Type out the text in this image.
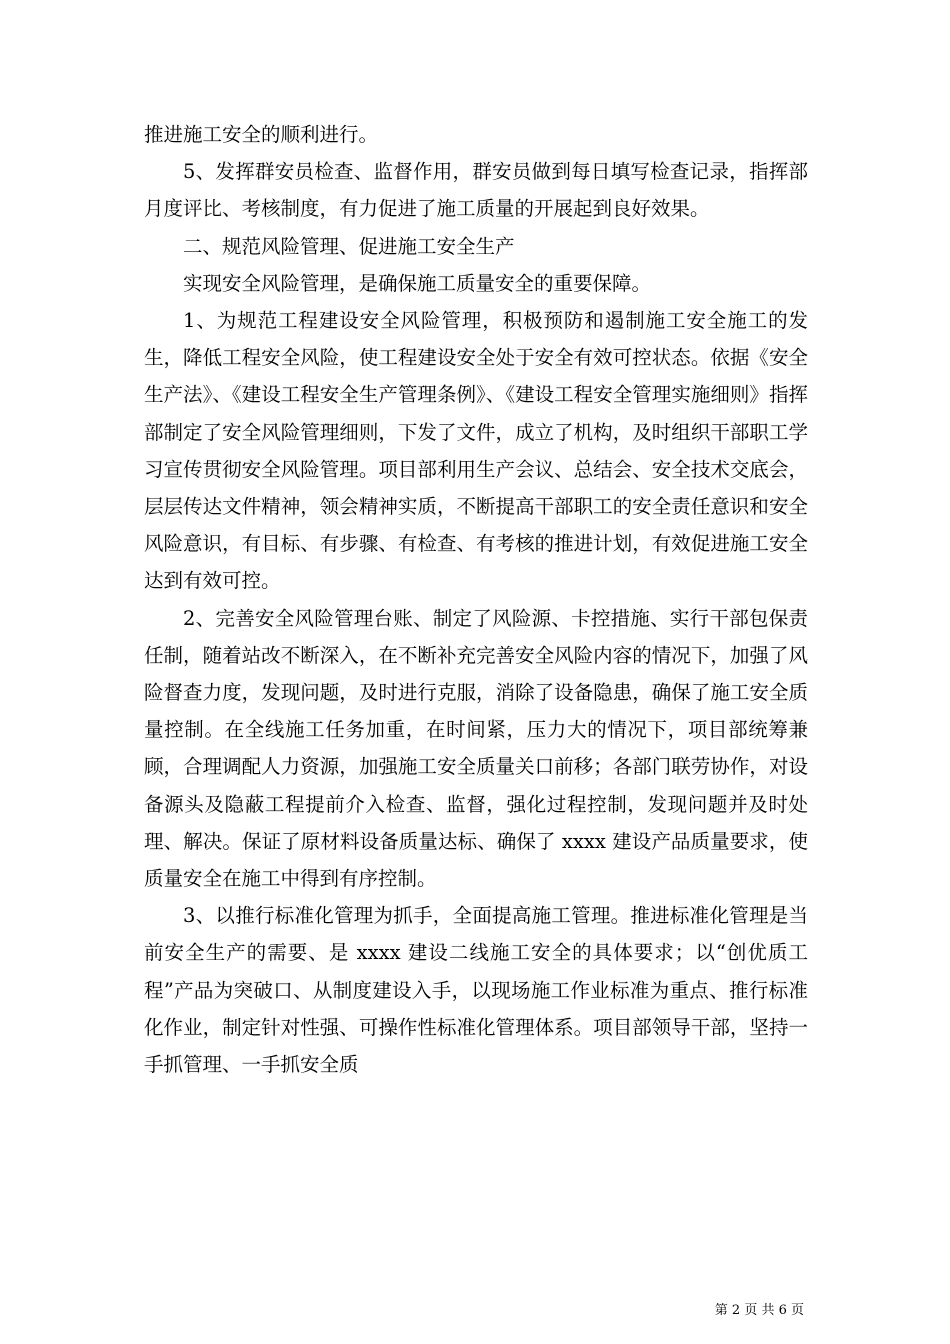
推进施工安全的顺利进行。

5、发挥群安员检查、监督作用，群安员做到每日填写检查记录，指挥部月度评比、考核制度，有力促进了施工质量的开展起到良好效果。

二、规范风险管理、促进施工安全生产

实现安全风险管理，是确保施工质量安全的重要保障。

1、为规范工程建设安全风险管理，积极预防和遏制施工安全施工的发生，降低工程安全风险，使工程建设安全处于安全有效可控状态。依据《安全生产法》、《建设工程安全生产管理条例》、《建设工程安全管理实施细则》指挥部制定了安全风险管理细则，下发了文件，成立了机构，及时组织干部职工学习宣传贯彻安全风险管理。项目部利用生产会议、总结会、安全技术交底会，层层传达文件精神，领会精神实质，不断提高干部职工的安全责任意识和安全风险意识，有目标、有步骤、有检查、有考核的推进计划，有效促进施工安全达到有效可控。

2、完善安全风险管理台账、制定了风险源、卡控措施、实行干部包保责任制，随着站改不断深入，在不断补充完善安全风险内容的情况下，加强了风险督查力度，发现问题，及时进行克服，消除了设备隐患，确保了施工安全质量控制。在全线施工任务加重，在时间紧，压力大的情况下，项目部统筹兼顾，合理调配人力资源，加强施工安全质量关口前移；各部门联劳协作，对设备源头及隐蔽工程提前介入检查、监督，强化过程控制，发现问题并及时处理、解决。保证了原材料设备质量达标、确保了 xxxx 建设产品质量要求，使质量安全在施工中得到有序控制。

3、以推行标准化管理为抓手，全面提高施工管理。推进标准化管理是当前安全生产的需要、是 xxxx 建设二线施工安全的具体要求；以“创优质工程”产品为突破口、从制度建设入手，以现场施工作业标准为重点、推行标准化作业，制定针对性强、可操作性标准化管理体系。项目部领导干部，坚持一手抓管理、一手抓安全质

第 2 页 共 6 页
